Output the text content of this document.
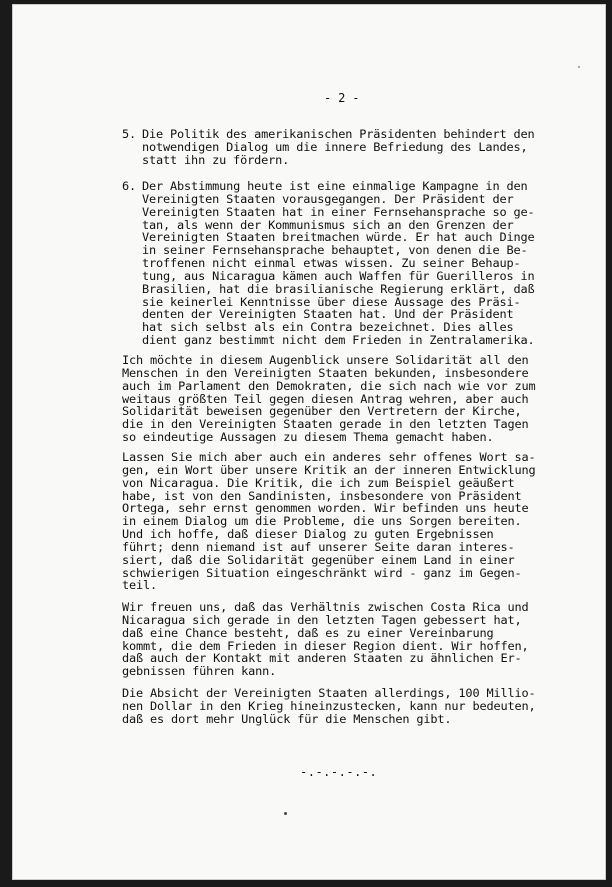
- 2 -
5. Die Politik des amerikanischen Präsidenten behindert den
notwendigen Dialog um die innere Befriedung des Landes,
statt ihn zu fördern.
6. Der Abstimmung heute ist eine einmalige Kampagne in den
Vereinigten Staaten vorausgegangen. Der Präsident der
Vereinigten Staaten hat in einer Fernsehansprache so ge-
tan, als wenn der Kommunismus sich an den Grenzen der
Vereinigten Staaten breitmachen würde. Er hat auch Dinge
in seiner Fernsehansprache behauptet, von denen die Be-
troffenen nicht einmal etwas wissen. Zu seiner Behaup-
tung, aus Nicaragua kämen auch Waffen für Guerilleros in
Brasilien, hat die brasilianische Regierung erklärt, daß
sie keinerlei Kenntnisse über diese Aussage des Präsi-
denten der Vereinigten Staaten hat. Und der Präsident
hat sich selbst als ein Contra bezeichnet. Dies alles
dient ganz bestimmt nicht dem Frieden in Zentralamerika.
Ich möchte in diesem Augenblick unsere Solidarität all den
Menschen in den Vereinigten Staaten bekunden, insbesondere
auch im Parlament den Demokraten, die sich nach wie vor zum
weitaus größten Teil gegen diesen Antrag wehren, aber auch
Solidarität beweisen gegenüber den Vertretern der Kirche,
die in den Vereinigten Staaten gerade in den letzten Tagen
so eindeutige Aussagen zu diesem Thema gemacht haben.
Lassen Sie mich aber auch ein anderes sehr offenes Wort sa-
gen, ein Wort über unsere Kritik an der inneren Entwicklung
von Nicaragua. Die Kritik, die ich zum Beispiel geäußert
habe, ist von den Sandinisten, insbesondere von Präsident
Ortega, sehr ernst genommen worden. Wir befinden uns heute
in einem Dialog um die Probleme, die uns Sorgen bereiten.
Und ich hoffe, daß dieser Dialog zu guten Ergebnissen
führt; denn niemand ist auf unserer Seite daran interes-
siert, daß die Solidarität gegenüber einem Land in einer
schwierigen Situation eingeschränkt wird - ganz im Gegen-
teil.
Wir freuen uns, daß das Verhältnis zwischen Costa Rica und
Nicaragua sich gerade in den letzten Tagen gebessert hat,
daß eine Chance besteht, daß es zu einer Vereinbarung
kommt, die dem Frieden in dieser Region dient. Wir hoffen,
daß auch der Kontakt mit anderen Staaten zu ähnlichen Er-
gebnissen führen kann.
Die Absicht der Vereinigten Staaten allerdings, 100 Millio-
nen Dollar in den Krieg hineinzustecken, kann nur bedeuten,
daß es dort mehr Unglück für die Menschen gibt.
-.-.-.-.-.
